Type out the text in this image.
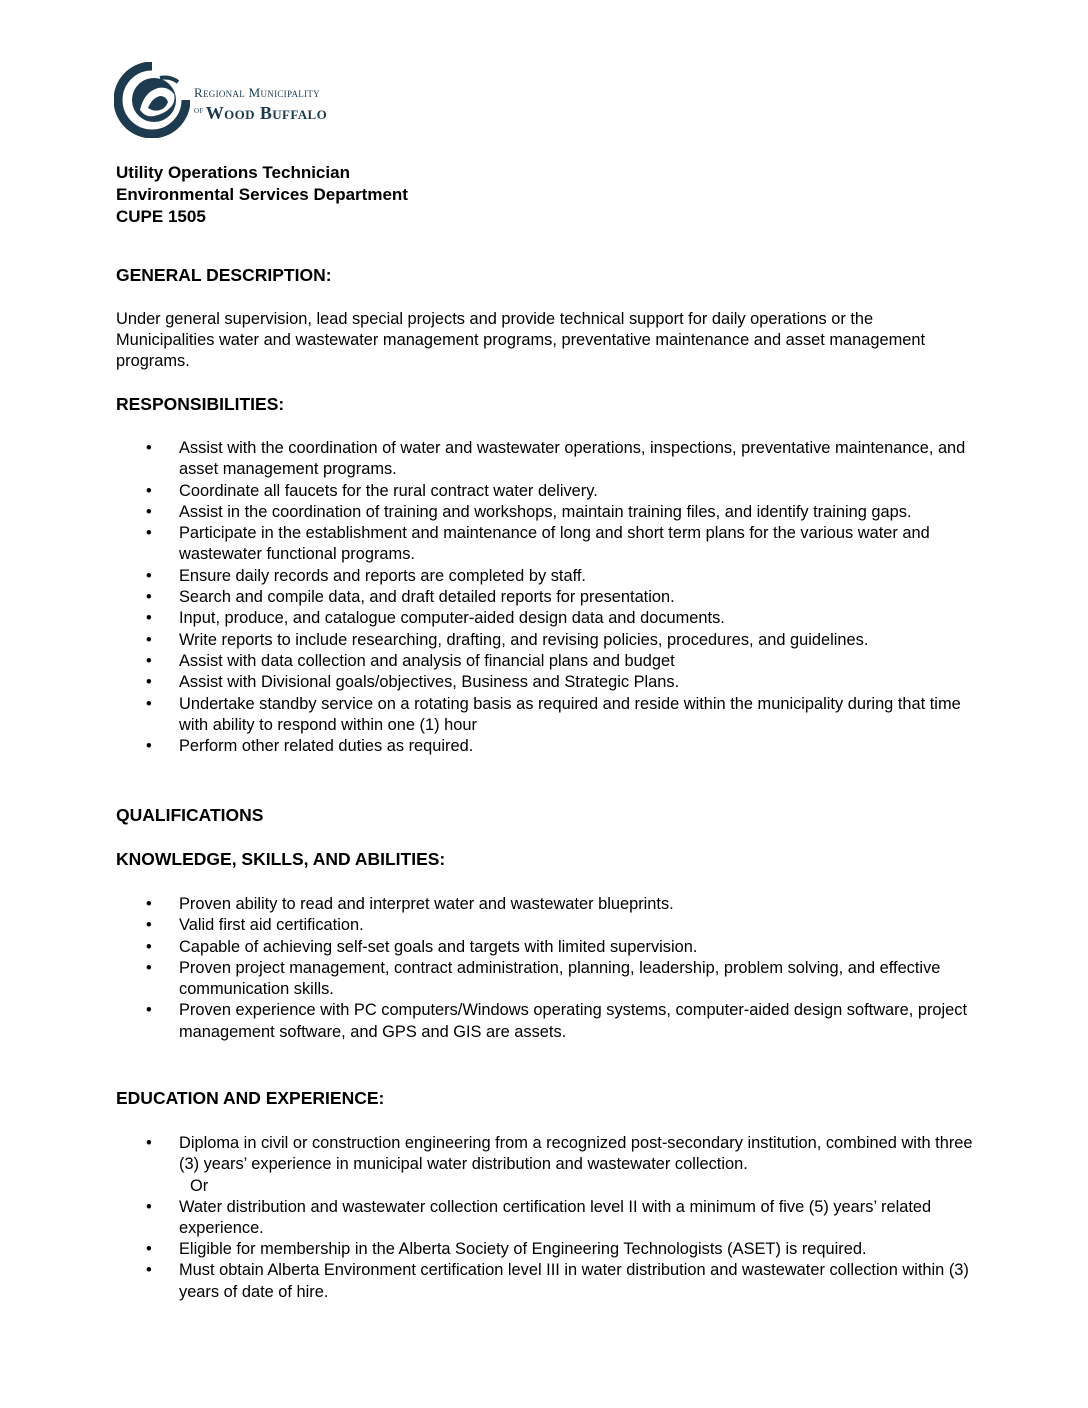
Regional Municipality
$^{of}$ Wood Buffalo
Utility Operations Technician
Environmental Services Department
CUPE 1505
GENERAL DESCRIPTION:
Under general supervision, lead special projects and provide technical support for daily operations or the Municipalities water and wastewater management programs, preventative maintenance and asset management programs.
RESPONSIBILITIES:
• Assist with the coordination of water and wastewater operations, inspections, preventative maintenance, and asset management programs.
• Coordinate all faucets for the rural contract water delivery.
• Assist in the coordination of training and workshops, maintain training files, and identify training gaps.
• Participate in the establishment and maintenance of long and short term plans for the various water and wastewater functional programs.
• Ensure daily records and reports are completed by staff.
• Search and compile data, and draft detailed reports for presentation.
• Input, produce, and catalogue computer-aided design data and documents.
• Write reports to include researching, drafting, and revising policies, procedures, and guidelines.
• Assist with data collection and analysis of financial plans and budget
• Assist with Divisional goals/objectives, Business and Strategic Plans.
• Undertake standby service on a rotating basis as required and reside within the municipality during that time with ability to respond within one (1) hour
• Perform other related duties as required.
QUALIFICATIONS
KNOWLEDGE, SKILLS, AND ABILITIES:
• Proven ability to read and interpret water and wastewater blueprints.
• Valid first aid certification.
• Capable of achieving self-set goals and targets with limited supervision.
• Proven project management, contract administration, planning, leadership, problem solving, and effective communication skills.
• Proven experience with PC computers/Windows operating systems, computer-aided design software, project management software, and GPS and GIS are assets.
EDUCATION AND EXPERIENCE:
• Diploma in civil or construction engineering from a recognized post-secondary institution, combined with three (3) years’ experience in municipal water distribution and wastewater collection.
Or
• Water distribution and wastewater collection certification level II with a minimum of five (5) years’ related experience.
• Eligible for membership in the Alberta Society of Engineering Technologists (ASET) is required.
• Must obtain Alberta Environment certification level III in water distribution and wastewater collection within (3) years of date of hire.
